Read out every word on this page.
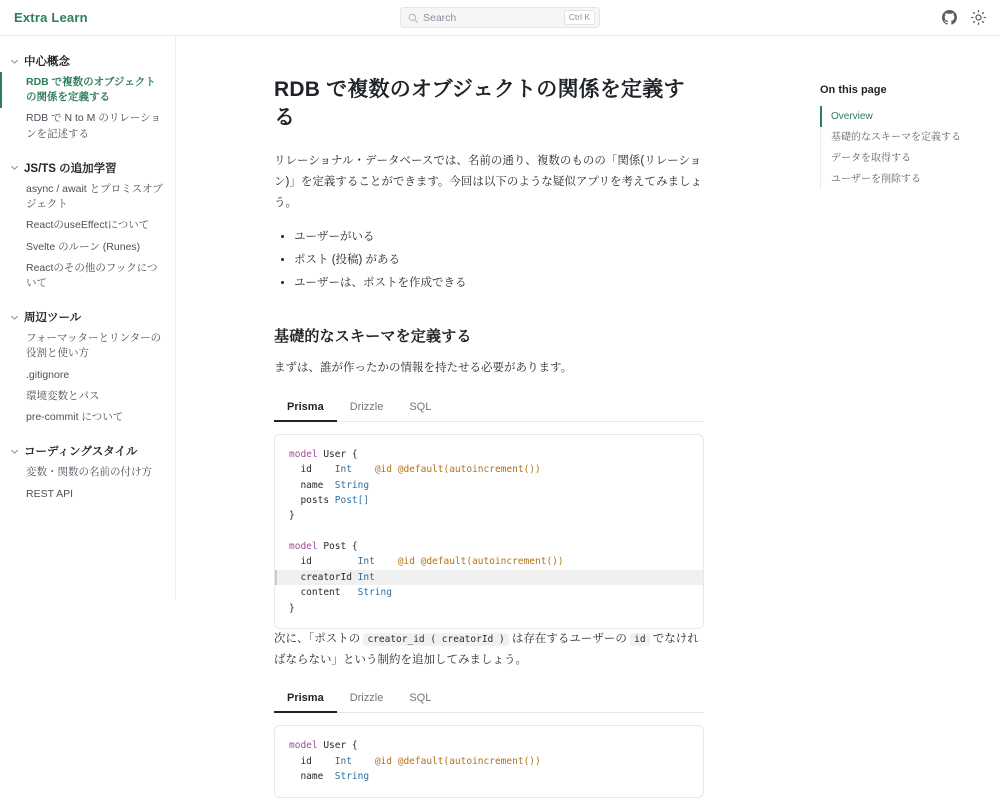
Extra Learn	Search	Ctrl K
中心概念
RDB で複数のオブジェクトの関係を定義する
RDB で N to M のリレーションを記述する
JS/TS の追加学習
async / await とプロミスオブジェクト
ReactのuseEffectについて
Svelte のルーン (Runes)
Reactのその他のフックについて
周辺ツール
フォーマッターとリンターの役割と使い方
.gitignore
環境変数とパス
pre-commit について
コーディングスタイル
変数・関数の名前の付け方
REST API
RDB で複数のオブジェクトの関係を定義する

リレーショナル・データベースでは、名前の通り、複数のものの「関係(リレーション)」を定義することができます。今回は以下のような疑似アプリを考えてみましょう。

• ユーザーがいる
• ポスト (投稿) がある
• ユーザーは、ポストを作成できる
基礎的なスキーマを定義する

まずは、誰が作ったかの情報を持たせる必要があります。

Prisma	Drizzle	SQL
model User {
id    Int @id @default(autoincrement())
name  String
posts Post[]
}

model Post {
id        Int @id @default(autoincrement())
creatorId Int
content   String
}

次に、「ポストの creator_id ( creatorId ) は存在するユーザーの id でなければならない」という制約を追加してみましょう。

Prisma	Drizzle	SQL
model User {
id    Int @id @default(autoincrement())
name  String
On this page
Overview
基礎的なスキーマを定義する
データを取得する
ユーザーを削除する
